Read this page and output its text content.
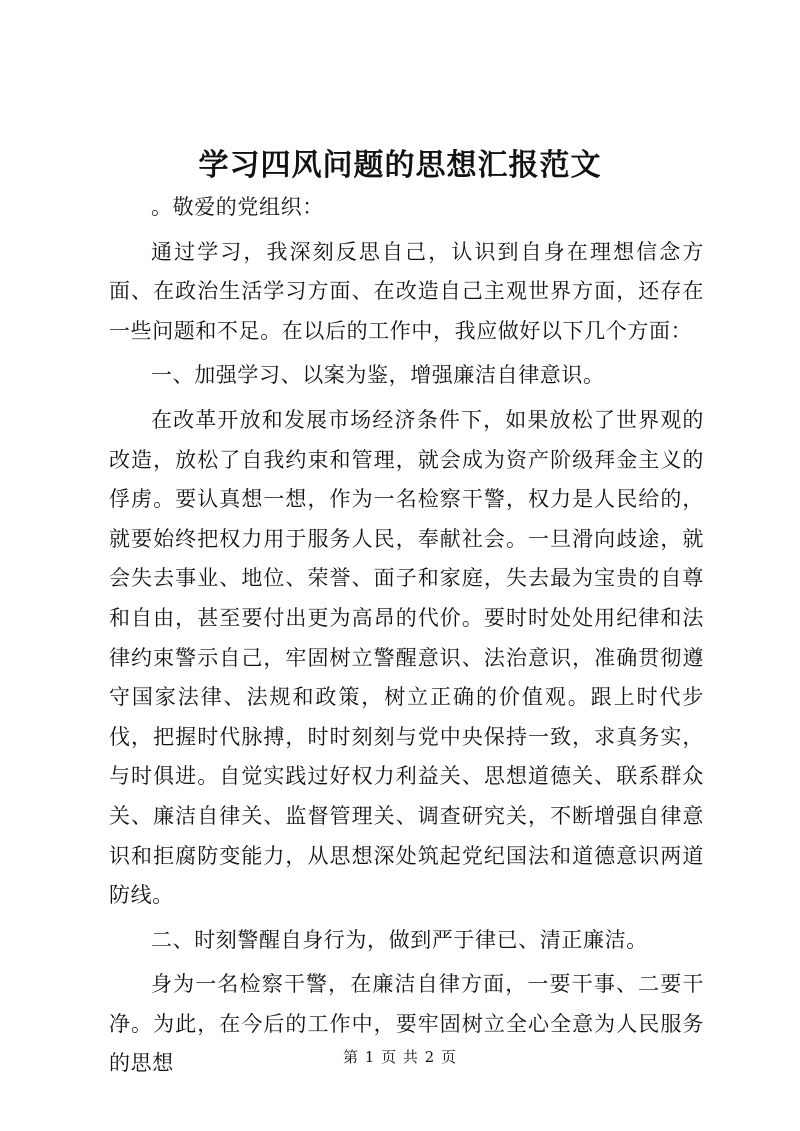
学习四风问题的思想汇报范文

。敬爱的党组织：

通过学习，我深刻反思自己，认识到自身在理想信念方面、在政治生活学习方面、在改造自己主观世界方面，还存在一些问题和不足。在以后的工作中，我应做好以下几个方面：

一、加强学习、以案为鉴，增强廉洁自律意识。

在改革开放和发展市场经济条件下，如果放松了世界观的改造，放松了自我约束和管理，就会成为资产阶级拜金主义的俘虏。要认真想一想，作为一名检察干警，权力是人民给的，就要始终把权力用于服务人民，奉献社会。一旦滑向歧途，就会失去事业、地位、荣誉、面子和家庭，失去最为宝贵的自尊和自由，甚至要付出更为高昂的代价。要时时处处用纪律和法律约束警示自己，牢固树立警醒意识、法治意识，准确贯彻遵守国家法律、法规和政策，树立正确的价值观。跟上时代步伐，把握时代脉搏，时时刻刻与党中央保持一致，求真务实，与时俱进。自觉实践过好权力利益关、思想道德关、联系群众关、廉洁自律关、监督管理关、调查研究关，不断增强自律意识和拒腐防变能力，从思想深处筑起党纪国法和道德意识两道防线。

二、时刻警醒自身行为，做到严于律已、清正廉洁。

身为一名检察干警，在廉洁自律方面，一要干事、二要干净。为此，在今后的工作中，要牢固树立全心全意为人民服务的思想	第 1 页 共 2 页
